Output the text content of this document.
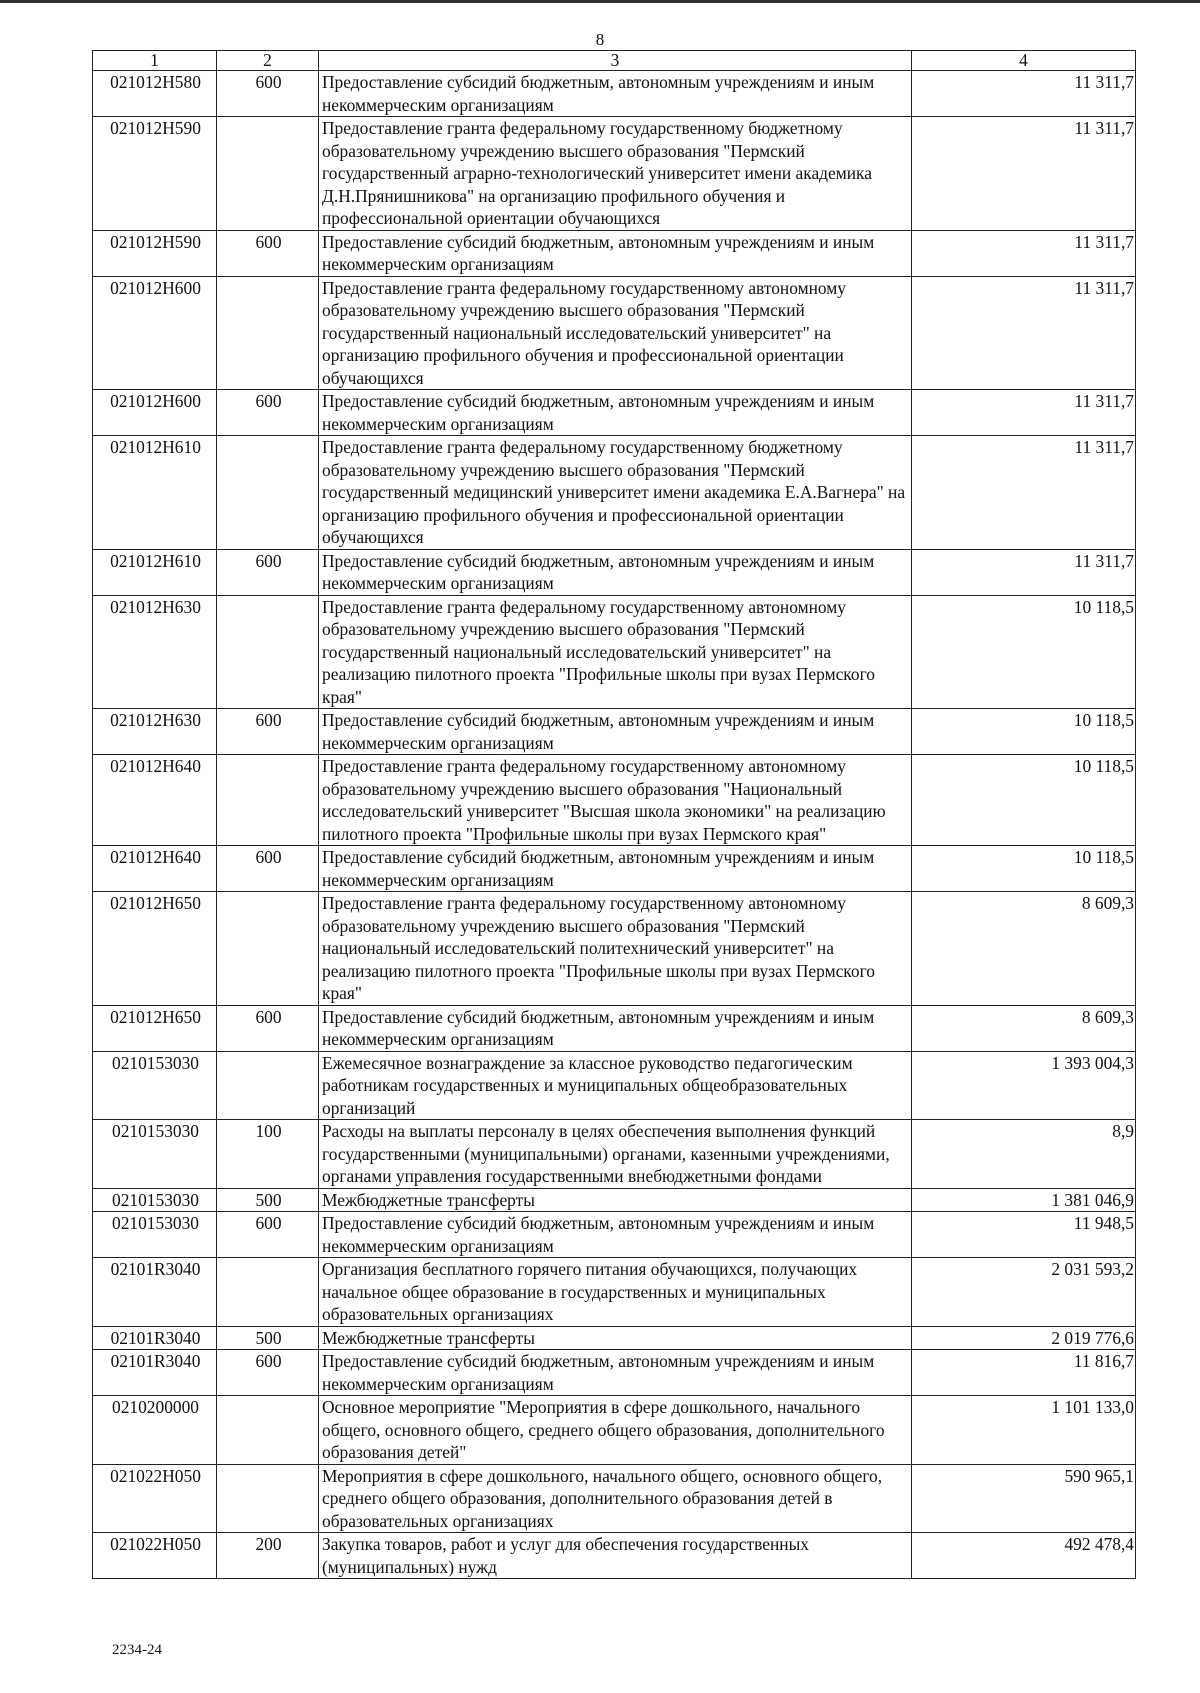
8
1	2	3	4
021012Н580	600	Предоставление субсидий бюджетным, автономным учреждениям и иным некоммерческим организациям	11 311,7
021012Н590		Предоставление гранта федеральному государственному бюджетному образовательному учреждению высшего образования "Пермский государственный аграрно-технологический университет имени академика Д.Н.Прянишникова" на организацию профильного обучения и профессиональной ориентации обучающихся	11 311,7
021012Н590	600	Предоставление субсидий бюджетным, автономным учреждениям и иным некоммерческим организациям	11 311,7
021012Н600		Предоставление гранта федеральному государственному автономному образовательному учреждению высшего образования "Пермский государственный национальный исследовательский университет" на организацию профильного обучения и профессиональной ориентации обучающихся	11 311,7
021012Н600	600	Предоставление субсидий бюджетным, автономным учреждениям и иным некоммерческим организациям	11 311,7
021012Н610		Предоставление гранта федеральному государственному бюджетному образовательному учреждению высшего образования "Пермский государственный медицинский университет имени академика Е.А.Вагнера" на организацию профильного обучения и профессиональной ориентации обучающихся	11 311,7
021012Н610	600	Предоставление субсидий бюджетным, автономным учреждениям и иным некоммерческим организациям	11 311,7
021012Н630		Предоставление гранта федеральному государственному автономному образовательному учреждению высшего образования "Пермский государственный национальный исследовательский университет" на реализацию пилотного проекта "Профильные школы при вузах Пермского края"	10 118,5
021012Н630	600	Предоставление субсидий бюджетным, автономным учреждениям и иным некоммерческим организациям	10 118,5
021012Н640		Предоставление гранта федеральному государственному автономному образовательному учреждению высшего образования "Национальный исследовательский университет "Высшая школа экономики" на реализацию пилотного проекта "Профильные школы при вузах Пермского края"	10 118,5
021012Н640	600	Предоставление субсидий бюджетным, автономным учреждениям и иным некоммерческим организациям	10 118,5
021012Н650		Предоставление гранта федеральному государственному автономному образовательному учреждению высшего образования "Пермский национальный исследовательский политехнический университет" на реализацию пилотного проекта "Профильные школы при вузах Пермского края"	8 609,3
021012Н650	600	Предоставление субсидий бюджетным, автономным учреждениям и иным некоммерческим организациям	8 609,3
0210153030		Ежемесячное вознаграждение за классное руководство педагогическим работникам государственных и муниципальных общеобразовательных организаций	1 393 004,3
0210153030	100	Расходы на выплаты персоналу в целях обеспечения выполнения функций государственными (муниципальными) органами, казенными учреждениями, органами управления государственными внебюджетными фондами	8,9
0210153030	500	Межбюджетные трансферты	1 381 046,9
0210153030	600	Предоставление субсидий бюджетным, автономным учреждениям и иным некоммерческим организациям	11 948,5
02101R3040		Организация бесплатного горячего питания обучающихся, получающих начальное общее образование в государственных и муниципальных образовательных организациях	2 031 593,2
02101R3040	500	Межбюджетные трансферты	2 019 776,6
02101R3040	600	Предоставление субсидий бюджетным, автономным учреждениям и иным некоммерческим организациям	11 816,7
0210200000		Основное мероприятие "Мероприятия в сфере дошкольного, начального общего, основного общего, среднего общего образования, дополнительного образования детей"	1 101 133,0
021022Н050		Мероприятия в сфере дошкольного, начального общего, основного общего, среднего общего образования, дополнительного образования детей в образовательных организациях	590 965,1
021022Н050	200	Закупка товаров, работ и услуг для обеспечения государственных (муниципальных) нужд	492 478,4
2234-24
